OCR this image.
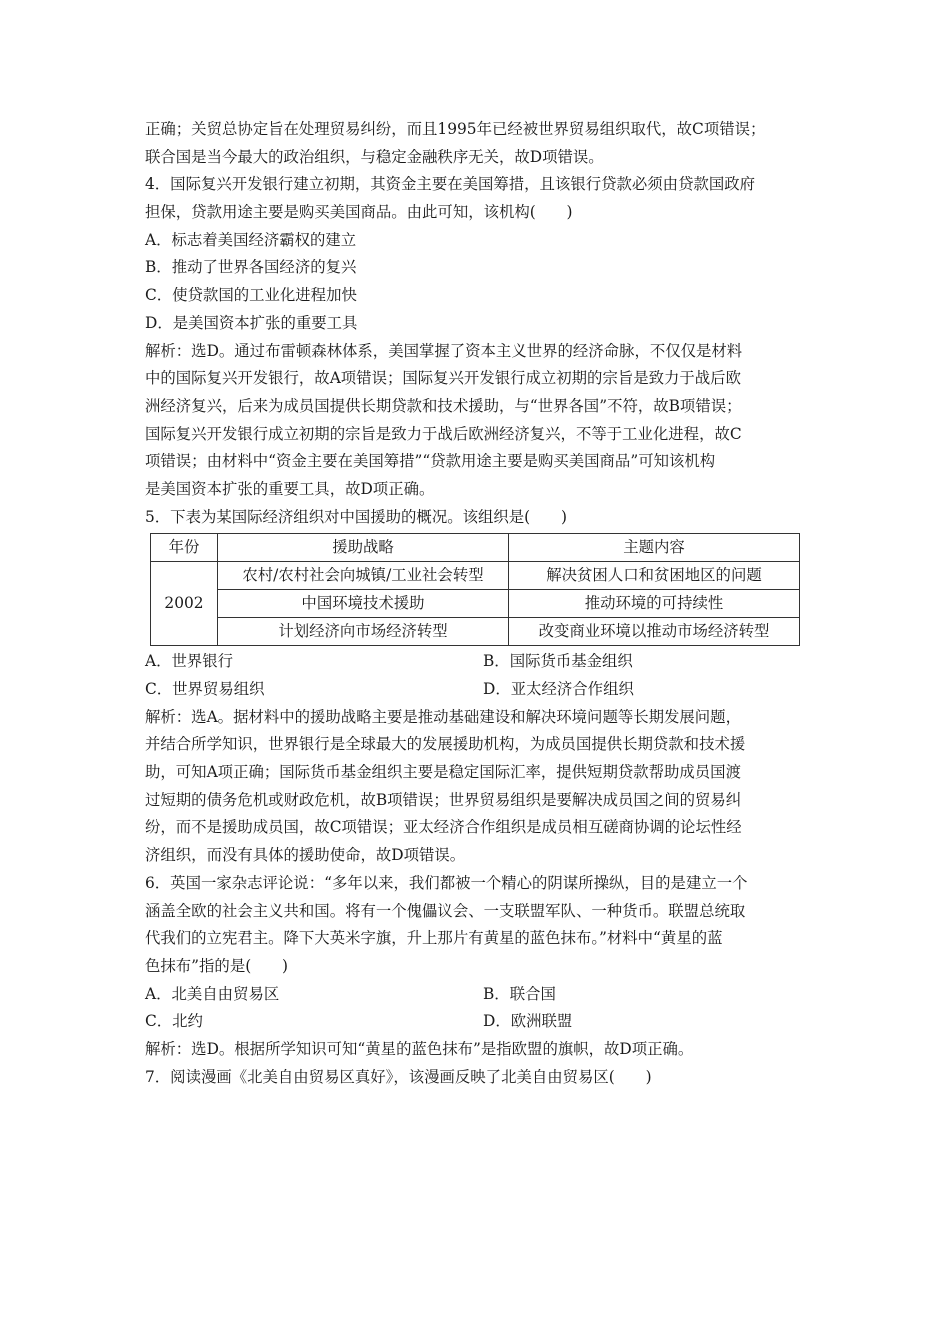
正确；关贸总协定旨在处理贸易纠纷，而且1995年已经被世界贸易组织取代，故C项错误；
联合国是当今最大的政治组织，与稳定金融秩序无关，故D项错误。
4．国际复兴开发银行建立初期，其资金主要在美国筹措，且该银行贷款必须由贷款国政府
担保，贷款用途主要是购买美国商品。由此可知，该机构(　　)
A．标志着美国经济霸权的建立
B．推动了世界各国经济的复兴
C．使贷款国的工业化进程加快
D．是美国资本扩张的重要工具
解析：选D。通过布雷顿森林体系，美国掌握了资本主义世界的经济命脉，不仅仅是材料
中的国际复兴开发银行，故A项错误；国际复兴开发银行成立初期的宗旨是致力于战后欧
洲经济复兴，后来为成员国提供长期贷款和技术援助，与“世界各国”不符，故B项错误；
国际复兴开发银行成立初期的宗旨是致力于战后欧洲经济复兴，不等于工业化进程，故C
项错误；由材料中“资金主要在美国筹措”“贷款用途主要是购买美国商品”可知该机构
是美国资本扩张的重要工具，故D项正确。
5．下表为某国际经济组织对中国援助的概况。该组织是(　　)
年份	援助战略	主题内容
2002	农村/农村社会向城镇/工业社会转型	解决贫困人口和贫困地区的问题
	中国环境技术援助	推动环境的可持续性
	计划经济向市场经济转型	改变商业环境以推动市场经济转型
A．世界银行	B．国际货币基金组织
C．世界贸易组织	D．亚太经济合作组织
解析：选A。据材料中的援助战略主要是推动基础建设和解决环境问题等长期发展问题，
并结合所学知识，世界银行是全球最大的发展援助机构，为成员国提供长期贷款和技术援
助，可知A项正确；国际货币基金组织主要是稳定国际汇率，提供短期贷款帮助成员国渡
过短期的债务危机或财政危机，故B项错误；世界贸易组织是要解决成员国之间的贸易纠
纷，而不是援助成员国，故C项错误；亚太经济合作组织是成员相互磋商协调的论坛性经
济组织，而没有具体的援助使命，故D项错误。
6．英国一家杂志评论说：“多年以来，我们都被一个精心的阴谋所操纵，目的是建立一个
涵盖全欧的社会主义共和国。将有一个傀儡议会、一支联盟军队、一种货币。联盟总统取
代我们的立宪君主。降下大英米字旗，升上那片有黄星的蓝色抹布。”材料中“黄星的蓝
色抹布”指的是(　　)
A．北美自由贸易区	B．联合国
C．北约	D．欧洲联盟
解析：选D。根据所学知识可知“黄星的蓝色抹布”是指欧盟的旗帜，故D项正确。
7．阅读漫画《北美自由贸易区真好》，该漫画反映了北美自由贸易区(　　)
